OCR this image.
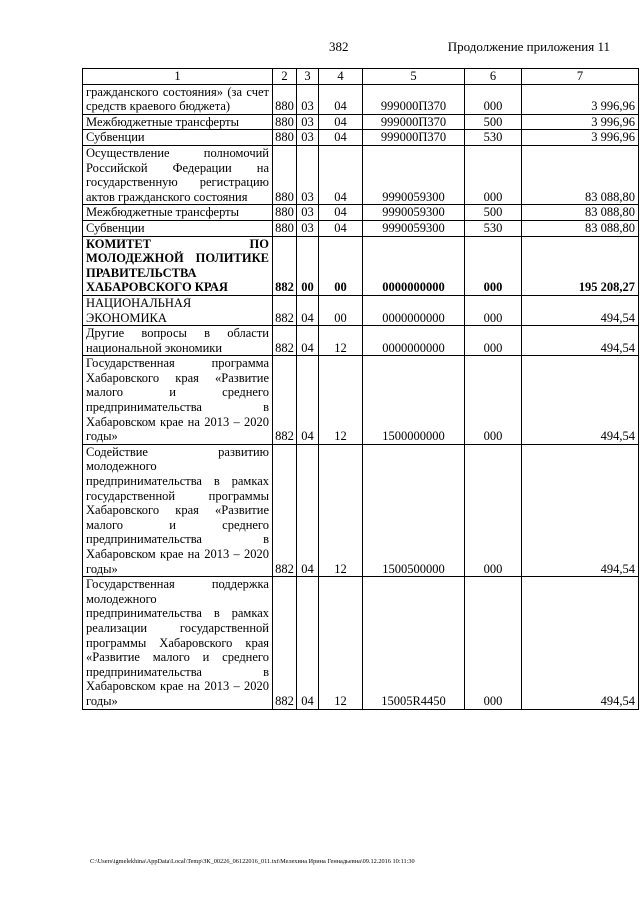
382	Продолжение приложения 11
1	2	3	4	5	6	7
гражданского состояния» (за счет средств краевого бюджета)	880	03	04	999000П370	000	3 996,96
Межбюджетные трансферты	880	03	04	999000П370	500	3 996,96
Субвенции	880	03	04	999000П370	530	3 996,96
Осуществление полномочий Российской Федерации на государственную регистрацию актов гражданского состояния	880	03	04	9990059300	000	83 088,80
Межбюджетные трансферты	880	03	04	9990059300	500	83 088,80
Субвенции	880	03	04	9990059300	530	83 088,80
КОМИТЕТ ПО МОЛОДЕЖНОЙ ПОЛИТИКЕ ПРАВИТЕЛЬСТВА ХАБАРОВСКОГО КРАЯ	882	00	00	0000000000	000	195 208,27
НАЦИОНАЛЬНАЯ ЭКОНОМИКА	882	04	00	0000000000	000	494,54
Другие вопросы в области национальной экономики	882	04	12	0000000000	000	494,54
Государственная программа Хабаровского края «Развитие малого и среднего предпринимательства в Хабаровском крае на 2013 – 2020 годы»	882	04	12	1500000000	000	494,54
Содействие развитию молодежного предпринимательства в рамках государственной программы Хабаровского края «Развитие малого и среднего предпринимательства в Хабаровском крае на 2013 – 2020 годы»	882	04	12	1500500000	000	494,54
Государственная поддержка молодежного предпринимательства в рамках реализации государственной программы Хабаровского края «Развитие малого и среднего предпринимательства в Хабаровском крае на 2013 – 2020 годы»	882	04	12	15005R4450	000	494,54
C:\Users\igmelekhina\AppData\Local\Temp\ЗК_00226_06122016_011.txt\Мелехина Ирина Геннадьевна\09.12.2016 10:11:30
